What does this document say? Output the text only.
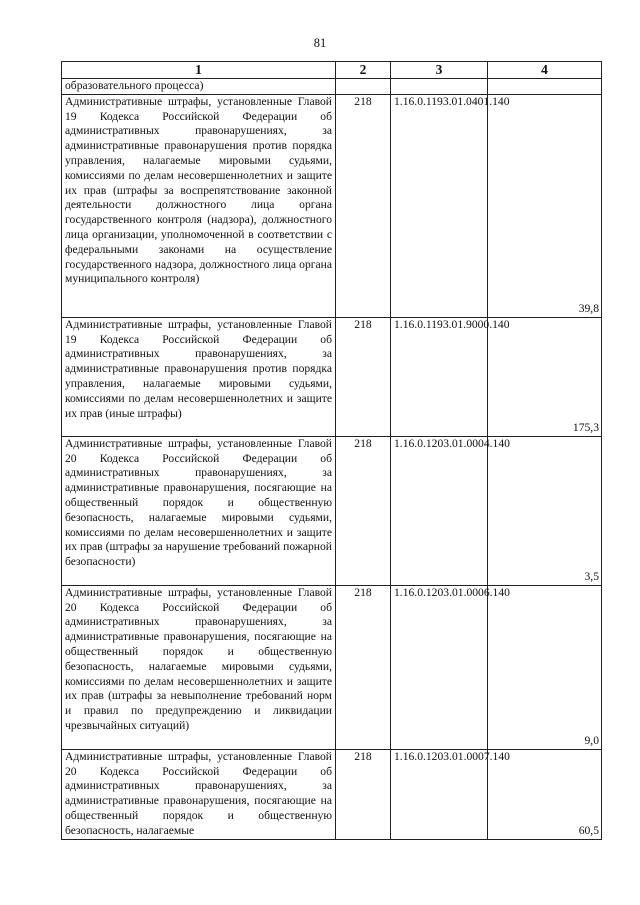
81
1	2	3	4
образовательного процесса)			
Административные штрафы, установленные Главой 19 Кодекса Российской Федерации об административных правонарушениях, за административные правонарушения против порядка управления, налагаемые мировыми судьями, комиссиями по делам несовершеннолетних и защите их прав (штрафы за воспрепятствование законной деятельности должностного лица органа государственного контроля (надзора), должностного лица организации, уполномоченной в соответствии с федеральными законами на осуществление государственного надзора, должностного лица органа муниципального контроля)	218	1.16.0.1193.01.0401.140	39,8
Административные штрафы, установленные Главой 19 Кодекса Российской Федерации об административных правонарушениях, за административные правонарушения против порядка управления, налагаемые мировыми судьями, комиссиями по делам несовершеннолетних и защите их прав (иные штрафы)	218	1.16.0.1193.01.9000.140	175,3
Административные штрафы, установленные Главой 20 Кодекса Российской Федерации об административных правонарушениях, за административные правонарушения, посягающие на общественный порядок и общественную безопасность, налагаемые мировыми судьями, комиссиями по делам несовершеннолетних и защите их прав (штрафы за нарушение требований пожарной безопасности)	218	1.16.0.1203.01.0004.140	3,5
Административные штрафы, установленные Главой 20 Кодекса Российской Федерации об административных правонарушениях, за административные правонарушения, посягающие на общественный порядок и общественную безопасность, налагаемые мировыми судьями, комиссиями по делам несовершеннолетних и защите их прав (штрафы за невыполнение требований норм и правил по предупреждению и ликвидации чрезвычайных ситуаций)	218	1.16.0.1203.01.0006.140	9,0
Административные штрафы, установленные Главой 20 Кодекса Российской Федерации об административных правонарушениях, за административные правонарушения, посягающие на общественный порядок и общественную безопасность, налагаемые	218	1.16.0.1203.01.0007.140	60,5
